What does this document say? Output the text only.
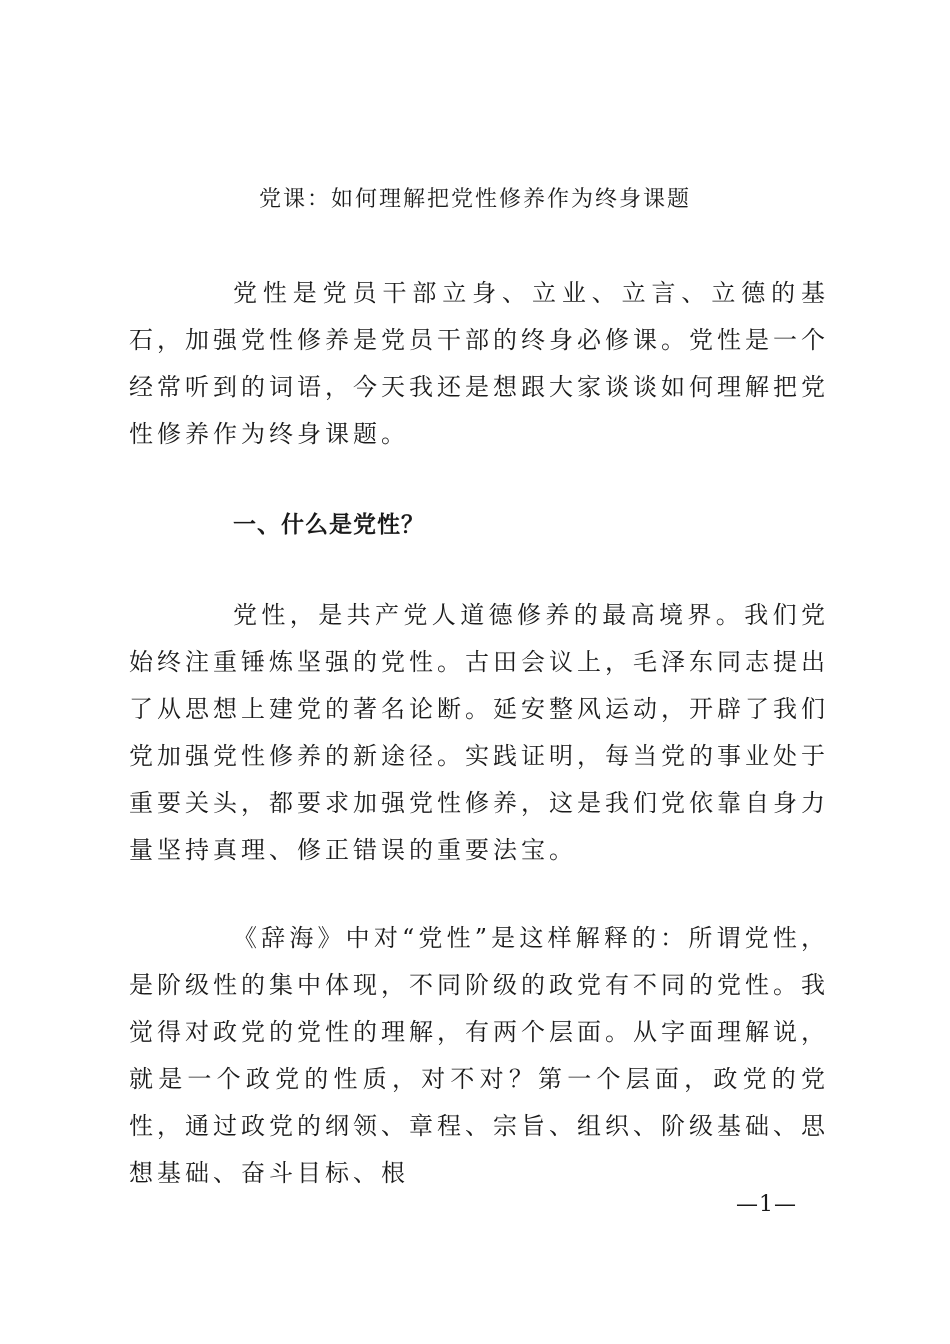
党课：如何理解把党性修养作为终身课题

党性是党员干部立身、立业、立言、立德的基石，加强党性修养是党员干部的终身必修课。党性是一个经常听到的词语，今天我还是想跟大家谈谈如何理解把党性修养作为终身课题。

一、什么是党性？

党性，是共产党人道德修养的最高境界。我们党始终注重锤炼坚强的党性。古田会议上，毛泽东同志提出了从思想上建党的著名论断。延安整风运动，开辟了我们党加强党性修养的新途径。实践证明，每当党的事业处于重要关头，都要求加强党性修养，这是我们党依靠自身力量坚持真理、修正错误的重要法宝。

《辞海》中对“党性”是这样解释的：所谓党性，是阶级性的集中体现，不同阶级的政党有不同的党性。我觉得对政党的党性的理解，有两个层面。从字面理解说，就是一个政党的性质，对不对？第一个层面，政党的党性，通过政党的纲领、章程、宗旨、组织、阶级基础、思想基础、奋斗目标、根

—1—
